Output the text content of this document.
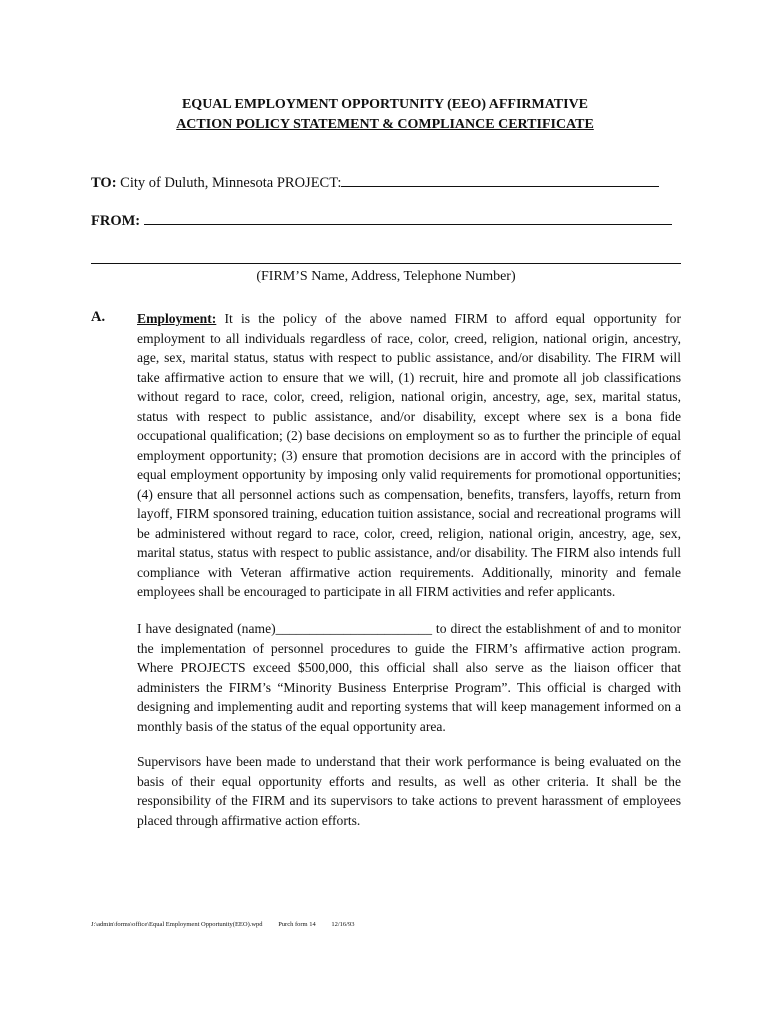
EQUAL EMPLOYMENT OPPORTUNITY (EEO) AFFIRMATIVE
ACTION POLICY STATEMENT & COMPLIANCE CERTIFICATE
TO: City of Duluth, Minnesota PROJECT:
FROM:
(FIRM’S Name, Address, Telephone Number)
A. Employment: It is the policy of the above named FIRM to afford equal opportunity for employment to all individuals regardless of race, color, creed, religion, national origin, ancestry, age, sex, marital status, status with respect to public assistance, and/or disability. The FIRM will take affirmative action to ensure that we will, (1) recruit, hire and promote all job classifications without regard to race, color, creed, religion, national origin, ancestry, age, sex, marital status, status with respect to public assistance, and/or disability, except where sex is a bona fide occupational qualification; (2) base decisions on employment so as to further the principle of equal employment opportunity; (3) ensure that promotion decisions are in accord with the principles of equal employment opportunity by imposing only valid requirements for promotional opportunities; (4) ensure that all personnel actions such as compensation, benefits, transfers, layoffs, return from layoff, FIRM sponsored training, education tuition assistance, social and recreational programs will be administered without regard to race, color, creed, religion, national origin, ancestry, age, sex, marital status, status with respect to public assistance, and/or disability. The FIRM also intends full compliance with Veteran affirmative action requirements. Additionally, minority and female employees shall be encouraged to participate in all FIRM activities and refer applicants.
I have designated (name)_______________________ to direct the establishment of and to monitor the implementation of personnel procedures to guide the FIRM’s affirmative action program. Where PROJECTS exceed $500,000, this official shall also serve as the liaison officer that administers the FIRM’s “Minority Business Enterprise Program”. This official is charged with designing and implementing audit and reporting systems that will keep management informed on a monthly basis of the status of the equal opportunity area.
Supervisors have been made to understand that their work performance is being evaluated on the basis of their equal opportunity efforts and results, as well as other criteria. It shall be the responsibility of the FIRM and its supervisors to take actions to prevent harassment of employees placed through affirmative action efforts.
J:\admin\forms\office\Equal Employment Opportunity(EEO).wpd Purch form 14 12/16/93
